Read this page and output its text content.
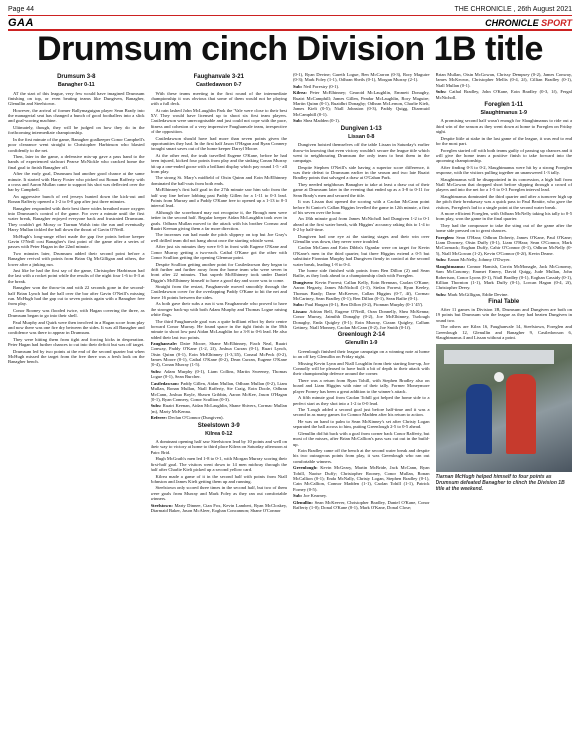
Page 44	THE CHRONICLE , 26th August 2021
GAA	CHRONICLE SPORT
Drumsum cinch Division 1B title
Drumsum 3-8
Banagher 0-11

AT the start of this league, very few would have imagined Drumsum finishing on top, or even beating teams like Dungiven, Banagher, Glenullin and Steelstown.

However, the arrival of former Ballymaguigan player Sean Brady into the managerial seat has changed a bunch of good footballers into a slick and goal-scoring machine.

Ultimately, though, they will be judged on how they do in the forthcoming intermediate championship.

In the first minute of the game, Banagher goalkeeper Conor Campbell's poor clearance went straight to Christopher Harbinson who blasted confidently to the net.

Then, later in the game, a defensive mix-up gave a pass hand to the hands of experienced stalwart Pearse McNickle who cracked home the final goal to finish Banagher off.

After the early goal, Drumsum had another good chance at the same minute. It started with Harry Foster who picked out Ronan Rafferty with a cross and Aaron Mullan came to support his shot was deflected over the bar by Campbell.

An aggressive bunch of red jerseys hunted down the kick-out and Ronan Rafferty opened a 1-2 to 0-0 gap after just three minutes.

Banagher responded with their best three wides breathed more oxygen into Drumsum's control of the game. For over a minute until the first water break, Banagher enjoyed everyone back and frustrated Drumsum. They couldn't get Mossy or Tiarnan Walsh into the run and eventually Harry Mullan tickled the ball down the throat of Gavin O'Neill.

McHugh's long-range effort made the gap five points before keeper Gavin O'Neill cost Banagher's first point of the game after a series of passes with Peter Hagan in the 22nd minute.

Two minutes later, Drumsum added their second point before a Banagher revival with points from Brian Og McGilligan and others, the lower after a jinking run.

Just like he had the first say of the game, Christopher Harbinson had the last with a rocket point while the results of the night four 1-6 to 0-3 at the break.

Banagher won the throw-in and with 22 seconds gone in the second-half Brian Lynch had the ball over the bar after Gavin O'Neill's missing run. McHugh had the gap cut to seven points again with a Banagher free from play.

Conor Rooney was flooded twice, with Hagan covering the three, as Drumsum began to go into their shell.

Paul Murphy and Quirk were then involved in a Hagan score from play and now there was one fire dry between the sides. It was all Banagher and confidence was there to appear in Drumsum.

They were hitting them from tight and forcing kicks in desperation. Peter Hagan had further chances to cut into their deficit but was off target.

Drumsum led by two points at the end of the second quarter but when McHugh missed the target from the free there was a fresh look on the Banagher bench.

Faughanvale 3-21
Castledawson 0-7

With these teams meeting in the first round of the intermediate championship it was obvious that some of them would not be playing with a full deck.

At rain lashed John McLaughlin Park the 'Vale were close to their best XV. They would have licensed up to shoot six first team players. Castledawson were unrecognisable and just could not cope with the pace, fitness and cohesion of a very impressive Faughanvale team, irrespective of the opposition.

Castledawson should have had more than seven points given the opportunities they had. In the first half Jason O'Hagan and Ryan Connery brought smart saves out of the home keeper Darryl Moore.

At the other end, the truth travelled Eugene O'Kane, before he had been injured, kicked four points from play and the sinking Conan Murray hit up a one-ended goose with a brilliant display which pay round 1-5 - all from play.

The strong St. Mary's midfield of Oisin Quinn and Eoin McElhinney dominated the ball-outs from both ends.

McElhinney's first half goal in the 27th minute saw him solo from the half way line before lobbing past Paddy Gillen for a 1-11 to 0-3 lead. Points from Murray and a Paddy O'Kane free to opened up a 1-13 to 0-3 interval lead.

Although the scoreboard may not recognise it, the Brough men were better in the second half. Regular keeper Aidan McLaughlin took over in goals. Odhran Mullan moved to the attack with his brother Cormac and Ruairi Keenan giving them a far more direction.

The increases run had made the pitch slippery on top but Joe Gray's well drilled team did not hang about once the starting whistle went.

After just six minutes they were 6-5 in front with Eugene O'Kane and Conor Murray getting a two-each. Cathal O'Kane got the other with Conor Scullion getting the opening Glenmar point.

Despite Scullion getting another point for Castledawson they began to drift further and further away from the home team who were seven in front after 22 minutes. That superb McElhinney took under Daniel Diggin's McElhinney himself to have a good day and score was to come.

Straight from the restart, Faughanvale moved smoothly through the Castledawson cover for the overlapping Paddy O'Kane to hit the net and leave 16 points between the sides.

As both gave their subs a run it was Faughanvale who proved to have the stronger back-up with both Adam Murphy and Thomas Logue raising white flags.

The third Faughanvale goal was a quite brilliant effort by their centre forward Conor Murray. He found space in the tight finish in the 58th minute to shoot low past Aidan McLaughlin for a 3-8 to 0-6 lead. He also added their last two points.

Faughanvale: Daire Moore, Shane McElhinney, Fiach Neal, Ruairi Conway, Paddy O'Kane (1-2, 2f), Joshua Curran (0-1), Ruari Lynch, Oisin Quinn (0-1), Eoin McElhinney (1-3,'45), Conaul McPeck (0-2), James Moore (0-1), Cathal O'Kane (0-2), Dean Curran, Eugene O'Kane (0-4), Conan Murray (1-5).

Subs: Adam Murphy (0-1), Liam Collins, Martin Sweeney, Thomas Logue (0-1), Sean Burcher.

Castledawson: Paddy Gillen, Aidan Mullan, Odhran Mullan (0-2), Liam Mullan, Ronan Mullan, Niall Rafferty, Sie Craig, Eoin Doole, Odhran McCann, Joshua Boyle, Shawn Gribbin, Aaron McKee, Jason O'Hagan (0-1), Ryan Connery, Conor Scullion (0-3).

Subs: Ruairi Keenan, Aidan McLaughlin, Shane Shivers, Cormac Mullan (m), Marty McKenna.

Referee: Declan O'Connor (Dungiven).

Steelstown 3-9
Kilrea 0-12

A dominant opening half saw Steelstown lead by 10 points and well on their way to victory at home to third place Kilrea on Saturday afternoon at Pairc Brid.

Hugh McGrath's men led 1-8 to 0-1, with Morgan Murray scoring their first-half goal. The visitors went down to 14 men midway through the half after Charlie Kielt picked up a second yellow card.

Kilrea made a game of it in the second half with points from Niall Johnston and James Kielt getting them up and running.

Steelstown only scored three times in the second half, but two of them were goals from Murray and Mark Foley as they ran out comfortable winners.

Steelstown: Marty Dinnee, Cian Fox, Kevin Lambert, Ryan McCloskey, Diarmaid Baker, Jason McAleer, Eoghan Concannon; Shane O'Connor

(0-1), Ryan Devine; Gareth Logue, Ben McCarron (0-3), Rory Maguire (0-3); Mark Foley (1-1), Odhran Sheils (0-1), Morgan Murray (2-1).

Sub: Neil Forestry (0-1).

Kilrea: Peter McElhinney; Gearoid McLaughlin, Emmett Donaghy, Ruairi McCamphill; James Gillen, Peadar McLaughlin, Rory Maguire; Martin Quinn (0-1), Ruaidhri Donaghy; Odhran McLernon, Charlie Kielt, James Kielt (0-5); Niall Johnston (0-3), Paddy Quigg, Diarmuid McCamphill (0-1).

Sub: Shea Madden (0-1).

Dungiven 1-13
Lissan 0-8

Dungiven hoisted themselves off the table Lissan in Saturday's earlier throw-in knowing that even victory wouldn't secure the league title which went to neighbouring Drumsum the only team to beat them in the campaign.

Despite Stephen O'Neill's side having a superior score difference, it was their defeat to Drumsum earlier in the season and two late Ruairi Bradley points that salvaged a draw at O'Cahan Park.

They needed neighbours Banagher to take at least a draw out of their game at Drumsum later in the evening that ended up as a 3-8 to 0-11 for Sean Brady's men and secured the title.

It was Lissan that opened the scoring with a Caolan McCann point before St Canice's Callan Higgins levelled the game in 12th minute, a first of his seven over the hour.

An 18th minute goal from James McNicholl had Dungiven 1-2 to 0-1 ahead at the first water break, with Higgins' accuracy raking this to 1-4 to 0-2 by half-time.

Dungiven had one eye at the starting stages and their win over Glenullin was down, they never were troubled.

Caolan McCann and Eoin Dibbs's Oganlar were on target for Kevin O'Kane's men in the third quarter, but three Higgins extend a 0-5 but substitute Fionntan Murphy had Dungiven firmly in control at the second water break, leading 1-8 to 0-4.

The home side finished with points from Ben Dillon (2) and Sean Bailie, as they look ahead to a championship clash with Foreglen.

Dungiven: Kevin Forrest; Callan Kelly, Eoin Brennan, Caolan O'Kane; Aaron Hegarty, James McNicholl (1-1), Stefan Forrest; Ryan Keeley, Thomas Brady; Dane McKeever, Callan Higgins (0-7, 4f), Cormac McCartney, Sean Bradley (0-1); Ben Dillon (0-1), Sean Bailie (0-1).

Subs: Paul Hargan (0-1), Ben Dillon (0-2), Fionnan Murphy (0-1 '45').

Lissan: Adrian Bell, Eugene O'Neill, Oran Donnelly, Shea McKenna; Conor Murray, Jaimihh Donaghy (0-2), Joe McElhinney, Turlough Donaghy, Enda Quigley (0-1); Eoin Murray, Ciaran Quigley, Callum Gettney, Niall Monney, Caolan McCann (0-2), Joe Smith (0-1f).

Greenlough 2-14
Glenullin 1-9

Greenlough finished their league campaign on a winning note at home to an off key Glenullin on Friday night.

Missing Kevin Lynn and Niall Loughlin from their starting line-up, Joe Connolly will be pleased to have built a bit of depth to their attack with their championship defence around the corner.

There was a return from Ryan Tohill, with Stephen Bradley also on board and Liam Higgins with nine of their tally. Former Moneymore player Forney has been a great addition to the winner's attack.

A fifth minute goal from Caolan Tohill got helped the home side to a perfect start as they shot into a 1-2 to 0-0 lead.

The 'Lough added a second goal just before half-time and it was a second in as many games for Connor Madden after his return to action.

He was on hand to palm to Sean McKinney's set after Christy Logan separated the ball across to him, putting Greenlough 2-5 to 0-5 ahead.

Glenullin did hit back with a goal from corner back Conor Rafferty, but most of the misses, after Brian McCallion's pass was cut out in the build-up.

Eoin Bradley came off the bench at the second water break and despite his two outrageous points from play, it was Greenlough who ran out comfortable winners.

Greenlough: Kevin McGeary, Martin McBride, Jack McCann, Ryan Tohill, Naoise Duffy; Christopher Rooney, Conor Mullan, Ronan McCallion (0-1); Enda McNally, Christy Logan, Stephen Bradley (0-1), Cain McCallion, Connor Madden (1-1), Caolan Tohill (1-1), Patrick Forney (0-5).

Sub: Joe Kearney.

Glenullin: Sean McKeever, Christopher Bradley, Daniel O'Kane, Conor Rafferty (1-0); Donal O'Kane (0-1), Mark O'Kane, Donal Close;

Brian Mullan, Oisin McGowan, Chrissy Dempsey (0-2), James Conway, James McKeown, Christopher Mellis (0-4, 2f), Cillian Bradley (0-1), Niall Mullan (0-1).

Subs: Cathal Bradley, John O'Kane, Eoin Bradley (0-3, 1f), Fergal McNicholl.

Foreglen 1-11
Slaughtmanus 1-9

A promising second half wasn't enough for Slaughtmanus to ride out a third win of the season as they went down at home to Foreglen on Friday night.

Despite little at stake in the last game of the league, it was end to end for the most part.

Foreglen started off with both teams guilty of passing up chances and it will give the home team a positive finish to take forward into the upcoming championship.

After finding 0-3 to 0-2, Slaughtmanus were hit by a strong Foreglen response, with the visitors pulling together an unanswered 1-3 tally.

Slaughtmanus will be disappointed in its concession, a high ball from Niall McGowan that dropped short before slipping through a crowd of players and into the net for a 1-5 to 0-3 Foreglen interval lead.

Slaughtmanus dominated the third quarter and after a turnover high up the pitch their breakaway was a quick pass to Paul Beattie, who gave the visitors, Foreglen's lad to a single point at the second water break.

A more efficient Foreglen, with Odhran McNelly taking his tally to 0-5 from play, won the game in the final quarter.

They had the composure to take the sting out of the game after the home side pressed on to great chances.

Foreglen: Sean O'Hara; Odhran Doherty, James O'Kane, Paul O'Kane; Liam Downey, Oisin Duffy (0-1), Liam O'Hara; Sean O'Connor, Mark McCormack; Eoghan Duffy, Cahir O'Connor (0-1), Odhran McNelly (0-5), Niall McGowan (1-2), Kevin O'Connor (0-2f), Kevin Deane.

Subs: Eanan McNelly, Johnny O'Dwyer.

Slaughtmanus: Connor Hamish, Corrin McMonagle, Jack McConomy, Sam McConomy; Emmet Emery, David Quigg, Jude Mullan, John Robertson, Conor Lyons (0-1), Niall Bradley (0-1), Eoghan Cassidy (0-1), Killian Thornton (1-1), Mark Duffy (0-1), Lorcan Hagan (0-4, 2f), Christopher Deery.

Subs: Mark McGilligan, Eddie Devine.

Final Table

After 11 games in Division 1B, Drumsum and Dungiven are both on 19 points but Drumsum win the league as they had beaten Dungiven in round two.

The others are Kilea 16, Faughanvale 14, Steelstown, Foreglen and Greenlough 12, Glenullin and Banagher 9, Castledawson 6, Slaughtmanus 4 and Lissan without a point.

Tiarnan McHugh helped himself to four points as Drumsum defeated Banagher to clinch the Division 1B title at the weekend.
